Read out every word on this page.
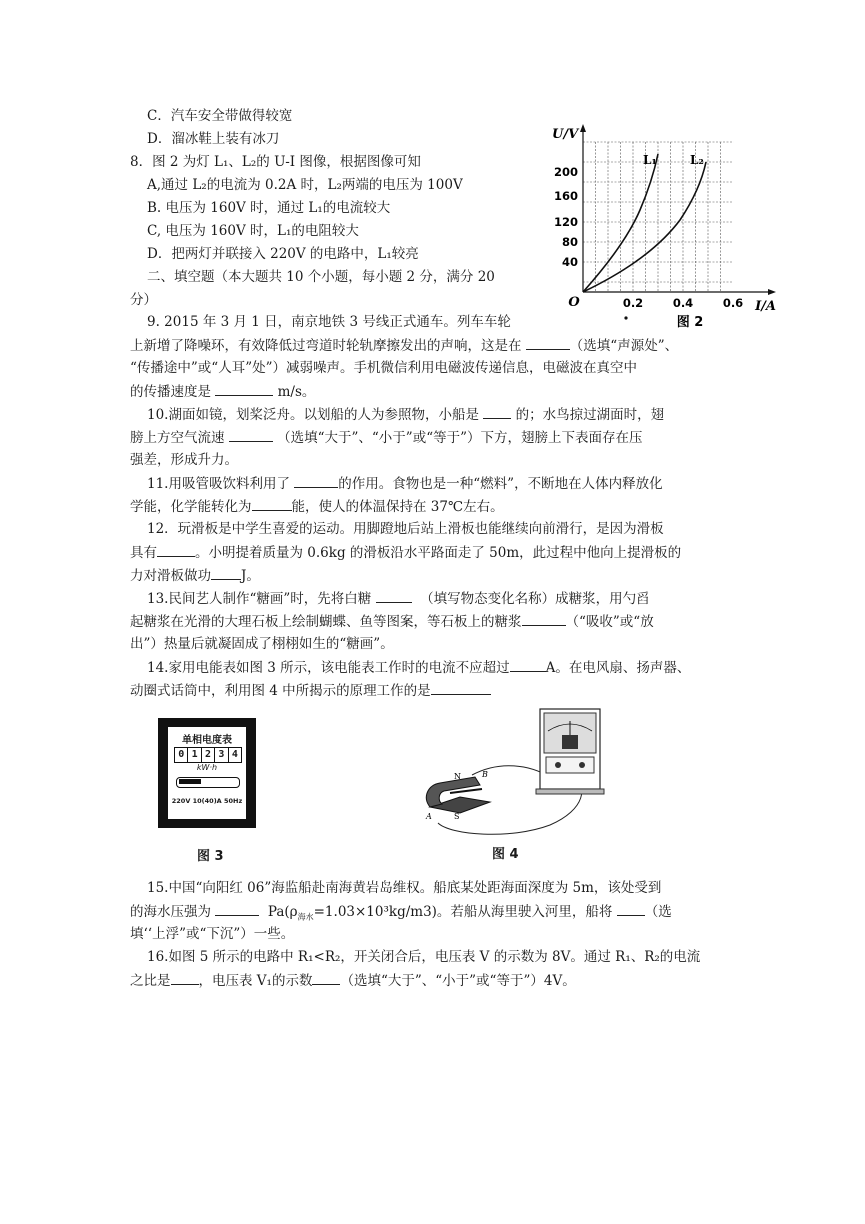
C．汽车安全带做得较宽
D．溜冰鞋上装有冰刀
8．图 2 为灯 L₁、L₂的 U-I 图像，根据图像可知
A,通过 L₂的电流为 0.2A 时，L₂两端的电压为 100V
B. 电压为 160V 时，通过 L₁的电流较大
C, 电压为 160V 时，L₁的电阻较大
D．把两灯并联接入 220V 的电路中，L₁较亮
二、填空题（本大题共 10 个小题，每小题 2 分，满分 20
分）
U/V
I/A
O
L₁	L₂
40
80
120
160
200
0.2	0.4	0.6
图 2
9. 2015 年 3 月 1 日，南京地铁 3 号线正式通车。列车车轮
上新增了降噪环，有效降低过弯道时轮轨摩擦发出的声响，这是在	（选填“声源处”、
“传播途中”或“人耳”处”）减弱噪声。手机微信利用电磁波传递信息，电磁波在真空中
的传播速度是	m/s。
10.湖面如镜，划桨泛舟。以划船的人为参照物，小船是	的；水鸟掠过湖面时，翅
膀上方空气流速	（选填“大于”、“小于”或“等于”）下方，翅膀上下表面存在压
强差，形成升力。
11.用吸管吸饮料利用了	的作用。食物也是一种“燃料”，不断地在人体内释放化
学能，化学能转化为	能，使人的体温保持在 37℃左右。
12．玩滑板是中学生喜爱的运动。用脚蹬地后站上滑板也能继续向前滑行，是因为滑板
具有	。小明提着质量为 0.6kg 的滑板沿水平路面走了 50m，此过程中他向上提滑板的
力对滑板做功 J。
13.民间艺人制作“糖画”时，先将白糖	（填写物态变化名称）成糖浆，用勺舀
起糖浆在光滑的大理石板上绘制蝴蝶、鱼等图案，等石板上的糖浆	（“吸收”或“放
出”）热量后就凝固成了栩栩如生的“糖画”。
14.家用电能表如图 3 所示，该电能表工作时的电流不应超过	A。在电风扇、扬声器、
动圈式话筒中，利用图 4 中所揭示的原理工作的是
单相电度表
0 1 2 3 4
kW·h
220V 10(40)A 50Hz
图 3
N	B
A	S
图 4
15.中国“向阳红 06”海监船赴南海黄岩岛维权。船底某处距海面深度为 5m，该处受到
的海水压强为	$Pa(\rho_{海水}=1.03\times 10^3kg/m3)$。若船从海里驶入河里，船将 （选
填‘‘上浮”或“下沉”）一些。
16.如图 5 所示的电路中 R₁<R₂，开关闭合后，电压表 V 的示数为 8V。通过 R₁、R₂的电流
之比是 ，电压表 V₁的示数 （选填“大于”、“小于”或“等于”）4V。
